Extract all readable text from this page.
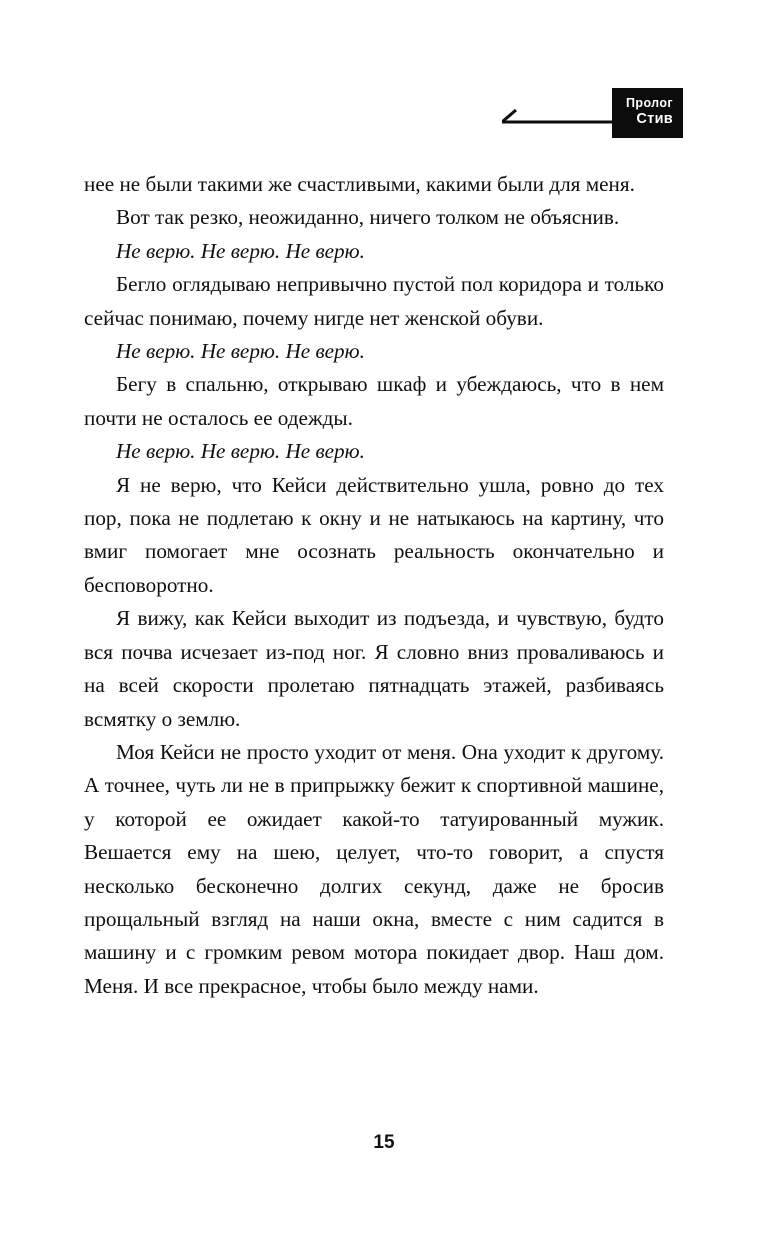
Пролог
Стив

нее не были такими же счастливыми, какими были для меня.

Вот так резко, неожиданно, ничего толком не объяснив.

Не верю. Не верю. Не верю.

Бегло оглядываю непривычно пустой пол коридора и только сейчас понимаю, почему нигде нет женской обуви.

Не верю. Не верю. Не верю.

Бегу в спальню, открываю шкаф и убеждаюсь, что в нем почти не осталось ее одежды.

Не верю. Не верю. Не верю.

Я не верю, что Кейси действительно ушла, ровно до тех пор, пока не подлетаю к окну и не натыкаюсь на картину, что вмиг помогает мне осознать реальность окончательно и бесповоротно.

Я вижу, как Кейси выходит из подъезда, и чувствую, будто вся почва исчезает из-под ног. Я словно вниз проваливаюсь и на всей скорости пролетаю пятнадцать этажей, разбиваясь всмятку о землю.

Моя Кейси не просто уходит от меня. Она уходит к другому. А точнее, чуть ли не в припрыжку бежит к спортивной машине, у которой ее ожидает какой-то татуированный мужик. Вешается ему на шею, целует, что-то говорит, а спустя несколько бесконечно долгих секунд, даже не бросив прощальный взгляд на наши окна, вместе с ним садится в машину и с громким ревом мотора покидает двор. Наш дом. Меня. И все прекрасное, чтобы было между нами.

15
